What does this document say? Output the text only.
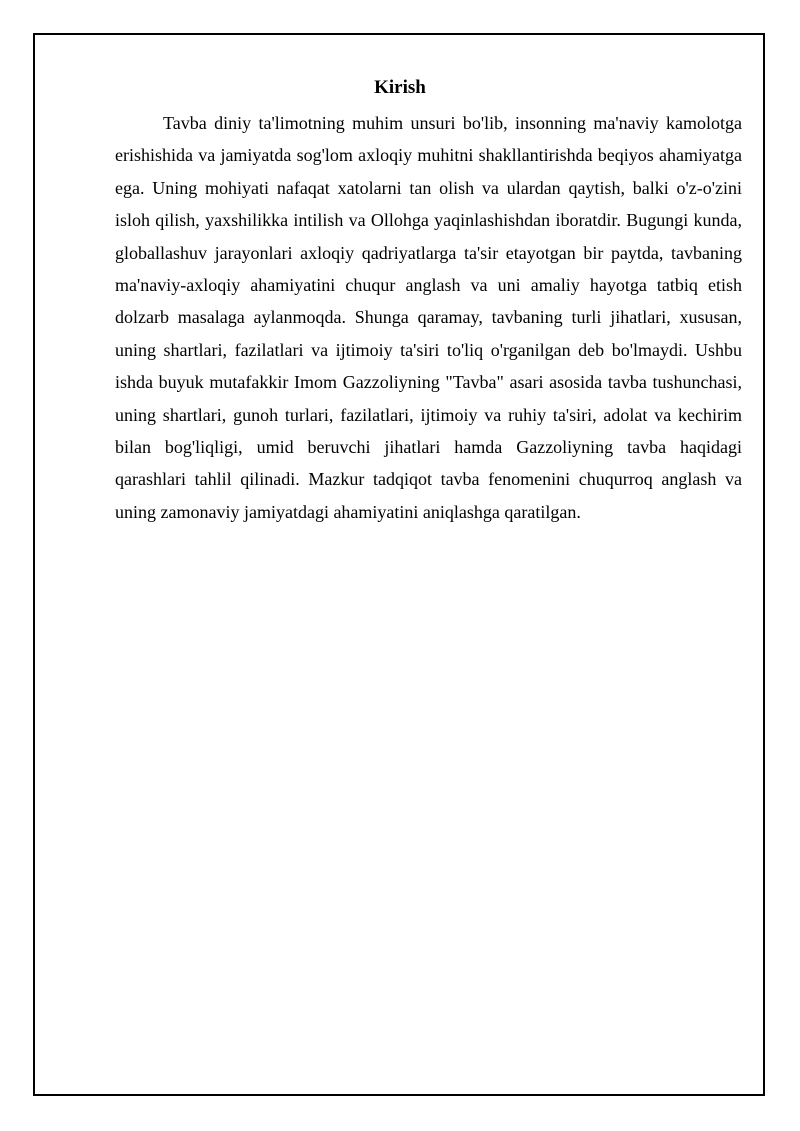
Kirish

Tavba diniy ta'limotning muhim unsuri bo'lib, insonning ma'naviy kamolotga erishishida va jamiyatda sog'lom axloqiy muhitni shakllantirishda beqiyos ahamiyatga ega. Uning mohiyati nafaqat xatolarni tan olish va ulardan qaytish, balki o'z-o'zini isloh qilish, yaxshilikka intilish va Ollohga yaqinlashishdan iboratdir. Bugungi kunda, globallashuv jarayonlari axloqiy qadriyatlarga ta'sir etayotgan bir paytda, tavbaning ma'naviy-axloqiy ahamiyatini chuqur anglash va uni amaliy hayotga tatbiq etish dolzarb masalaga aylanmoqda. Shunga qaramay, tavbaning turli jihatlari, xususan, uning shartlari, fazilatlari va ijtimoiy ta'siri to'liq o'rganilgan deb bo'lmaydi. Ushbu ishda buyuk mutafakkir Imom Gazzoliyning "Tavba" asari asosida tavba tushunchasi, uning shartlari, gunoh turlari, fazilatlari, ijtimoiy va ruhiy ta'siri, adolat va kechirim bilan bog'liqligi, umid beruvchi jihatlari hamda Gazzoliyning tavba haqidagi qarashlari tahlil qilinadi. Mazkur tadqiqot tavba fenomenini chuqurroq anglash va uning zamonaviy jamiyatdagi ahamiyatini aniqlashga qaratilgan.
